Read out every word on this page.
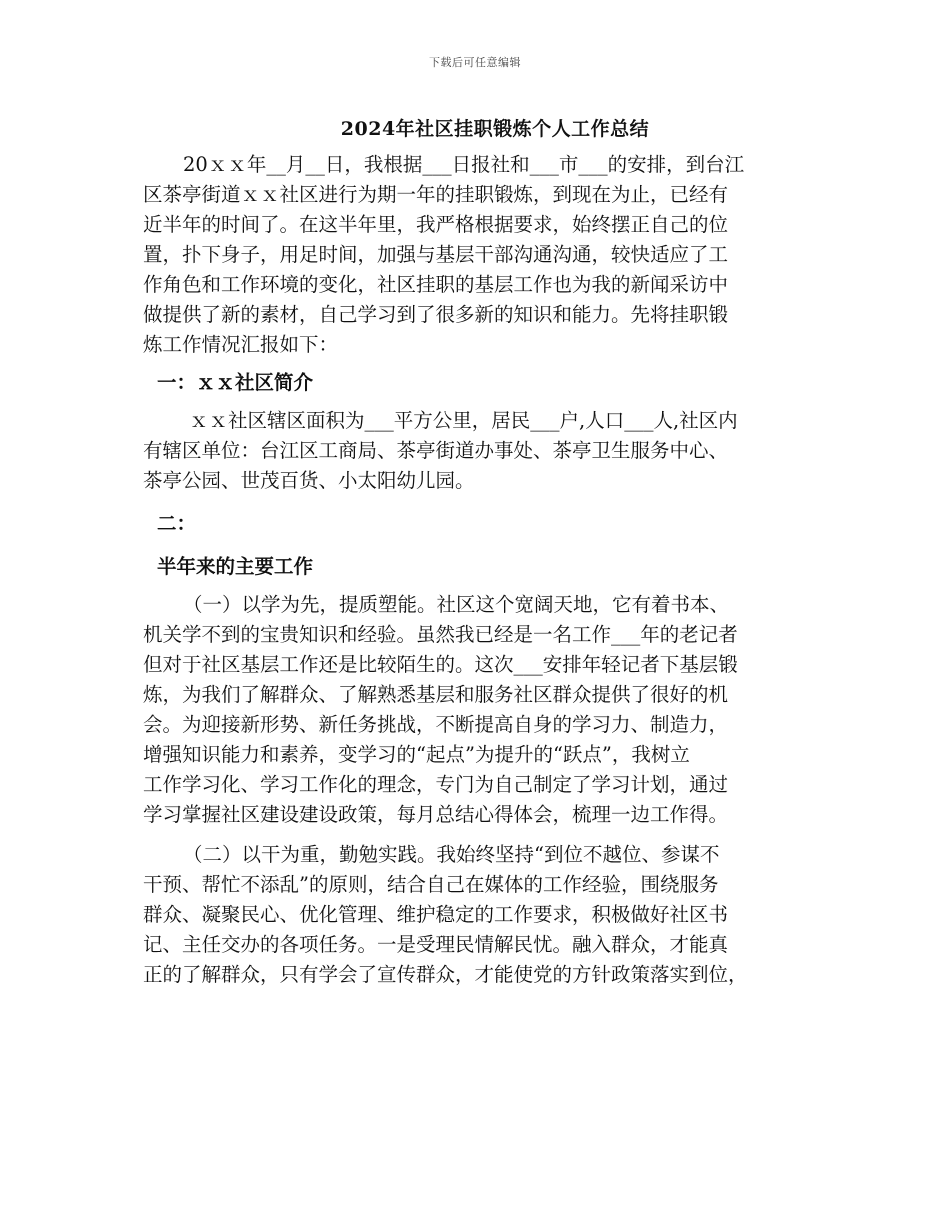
下载后可任意编辑
2024年社区挂职锻炼个人工作总结

20ｘｘ年__月__日，我根据___日报社和___市___的安排，到台江

区茶亭街道ｘｘ社区进行为期一年的挂职锻炼，到现在为止，已经有

近半年的时间了。在这半年里，我严格根据要求，始终摆正自己的位

置，扑下身子，用足时间，加强与基层干部沟通沟通，较快适应了工

作角色和工作环境的变化，社区挂职的基层工作也为我的新闻采访中

做提供了新的素材，自己学习到了很多新的知识和能力。先将挂职锻

炼工作情况汇报如下：

一：ｘｘ社区简介

ｘｘ社区辖区面积为___平方公里，居民___户,人口___人,社区内

有辖区单位：台江区工商局、茶亭街道办事处、茶亭卫生服务中心、

茶亭公园、世茂百货、小太阳幼儿园。

二：

半年来的主要工作

（一）以学为先，提质塑能。社区这个宽阔天地，它有着书本、

机关学不到的宝贵知识和经验。虽然我已经是一名工作___年的老记者

但对于社区基层工作还是比较陌生的。这次___安排年轻记者下基层锻

炼，为我们了解群众、了解熟悉基层和服务社区群众提供了很好的机

会。为迎接新形势、新任务挑战，不断提高自身的学习力、制造力，

增强知识能力和素养，变学习的“起点”为提升的“跃点”，我树立

工作学习化、学习工作化的理念，专门为自己制定了学习计划，通过

学习掌握社区建设建设政策，每月总结心得体会，梳理一边工作得。

（二）以干为重，勤勉实践。我始终坚持“到位不越位、参谋不

干预、帮忙不添乱”的原则，结合自己在媒体的工作经验，围绕服务

群众、凝聚民心、优化管理、维护稳定的工作要求，积极做好社区书

记、主任交办的各项任务。一是受理民情解民忧。融入群众，才能真

正的了解群众，只有学会了宣传群众，才能使党的方针政策落实到位，
